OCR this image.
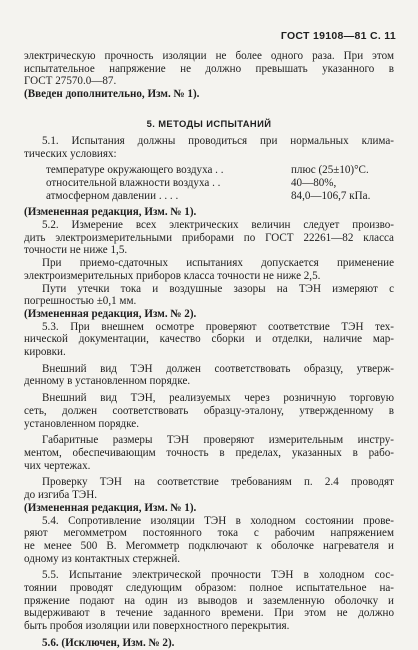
ГОСТ 19108—81 С. 11
электрическую прочность изоляции не более одного раза. При этом
испытательное напряжение не должно превышать указанного в
ГОСТ 27570.0—87.
(Введен дополнительно, Изм. № 1).
5. МЕТОДЫ ИСПЫТАНИЙ
5.1. Испытания должны проводиться при нормальных клима-
тических условиях:
температуре окружающего воздуха . .	плюс (25±10)°С.
относительной влажности воздуха . .	40—80%,
атмосферном давлении . . . .	84,0—106,7 кПа.
(Измененная редакция, Изм. № 1).
5.2. Измерение всех электрических величин следует произво-
дить электроизмерительными приборами по ГОСТ 22261—82 класса
точности не ниже 1,5.
При приемо-сдаточных испытаниях допускается применение
электроизмерительных приборов класса точности не ниже 2,5.
Пути утечки тока и воздушные зазоры на ТЭН измеряют с
погрешностью ±0,1 мм.
(Измененная редакция, Изм. № 2).
5.3. При внешнем осмотре проверяют соответствие ТЭН тех-
нической документации, качество сборки и отделки, наличие мар-
кировки.
Внешний вид ТЭН должен соответствовать образцу, утверж-
денному в установленном порядке.
Внешний вид ТЭН, реализуемых через розничную торговую
сеть, должен соответствовать образцу-эталону, утвержденному в
установленном порядке.
Габаритные размеры ТЭН проверяют измерительным инстру-
ментом, обеспечивающим точность в пределах, указанных в рабо-
чих чертежах.
Проверку ТЭН на соответствие требованиям п. 2.4 проводят
до изгиба ТЭН.
(Измененная редакция, Изм. № 1).
5.4. Сопротивление изоляции ТЭН в холодном состоянии прове-
ряют мегомметром постоянного тока с рабочим напряжением
не менее 500 В. Мегомметр подключают к оболочке нагревателя и
одному из контактных стержней.
5.5. Испытание электрической прочности ТЭН в холодном сос-
тоянии проводят следующим образом: полное испытательное на-
пряжение подают на один из выводов и заземленную оболочку и
выдерживают в течение заданного времени. При этом не должно
быть пробоя изоляции или поверхностного перекрытия.
5.6. (Исключен, Изм. № 2).
